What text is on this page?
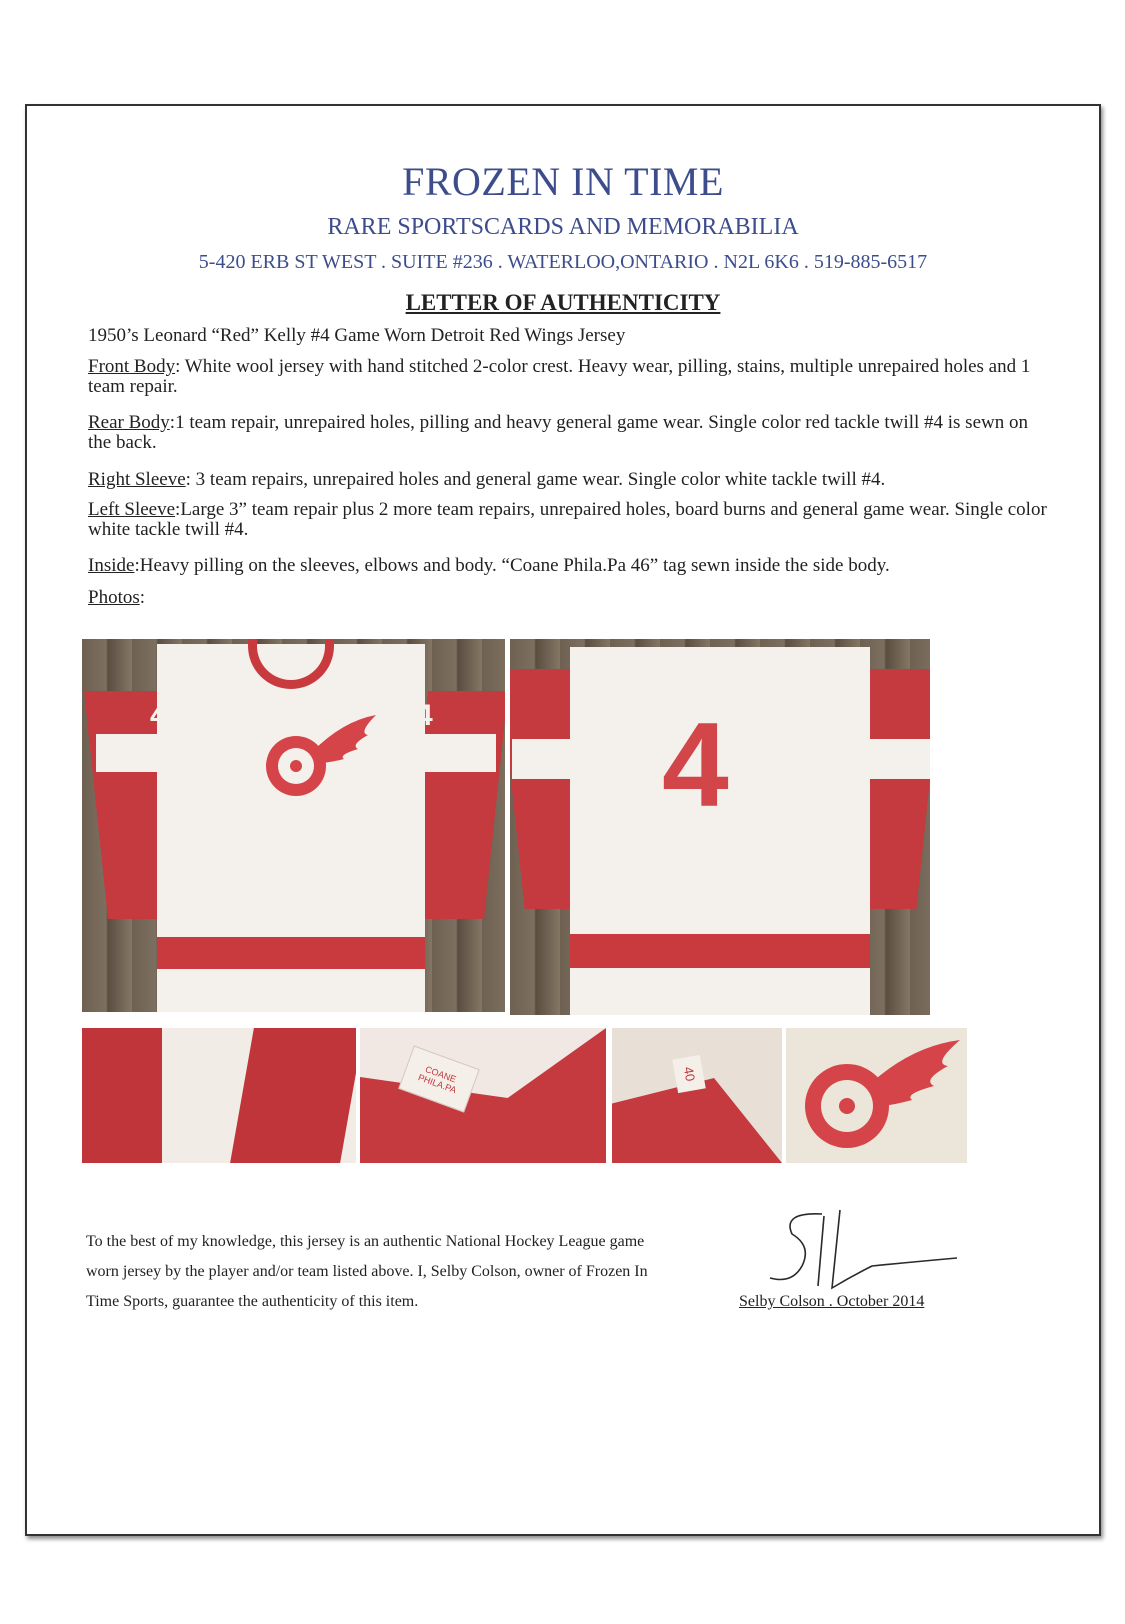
FROZEN IN TIME
RARE SPORTSCARDS AND MEMORABILIA
5-420 ERB ST WEST . SUITE #236 . WATERLOO,ONTARIO . N2L 6K6 . 519-885-6517
LETTER OF AUTHENTICITY
1950’s Leonard “Red” Kelly #4 Game Worn Detroit Red Wings Jersey
Front Body: White wool jersey with hand stitched 2-color crest. Heavy wear, pilling, stains, multiple unrepaired holes and 1 team repair.
Rear Body:1 team repair, unrepaired holes, pilling and heavy general game wear. Single color red tackle twill #4 is sewn on the back.
Right Sleeve: 3 team repairs, unrepaired holes and general game wear. Single color white tackle twill #4.
Left Sleeve:Large 3” team repair plus 2 more team repairs, unrepaired holes, board burns and general game wear. Single color white tackle twill #4.
Inside:Heavy pilling on the sleeves, elbows and body. “Coane Phila.Pa 46” tag sewn inside the side body.
Photos:
4	4 4
COANE PHILA.PA	40
To the best of my knowledge, this jersey is an authentic National Hockey League game worn jersey by the player and/or team listed above. I, Selby Colson, owner of Frozen In Time Sports, guarantee the authenticity of this item.	Selby Colson . October 2014
